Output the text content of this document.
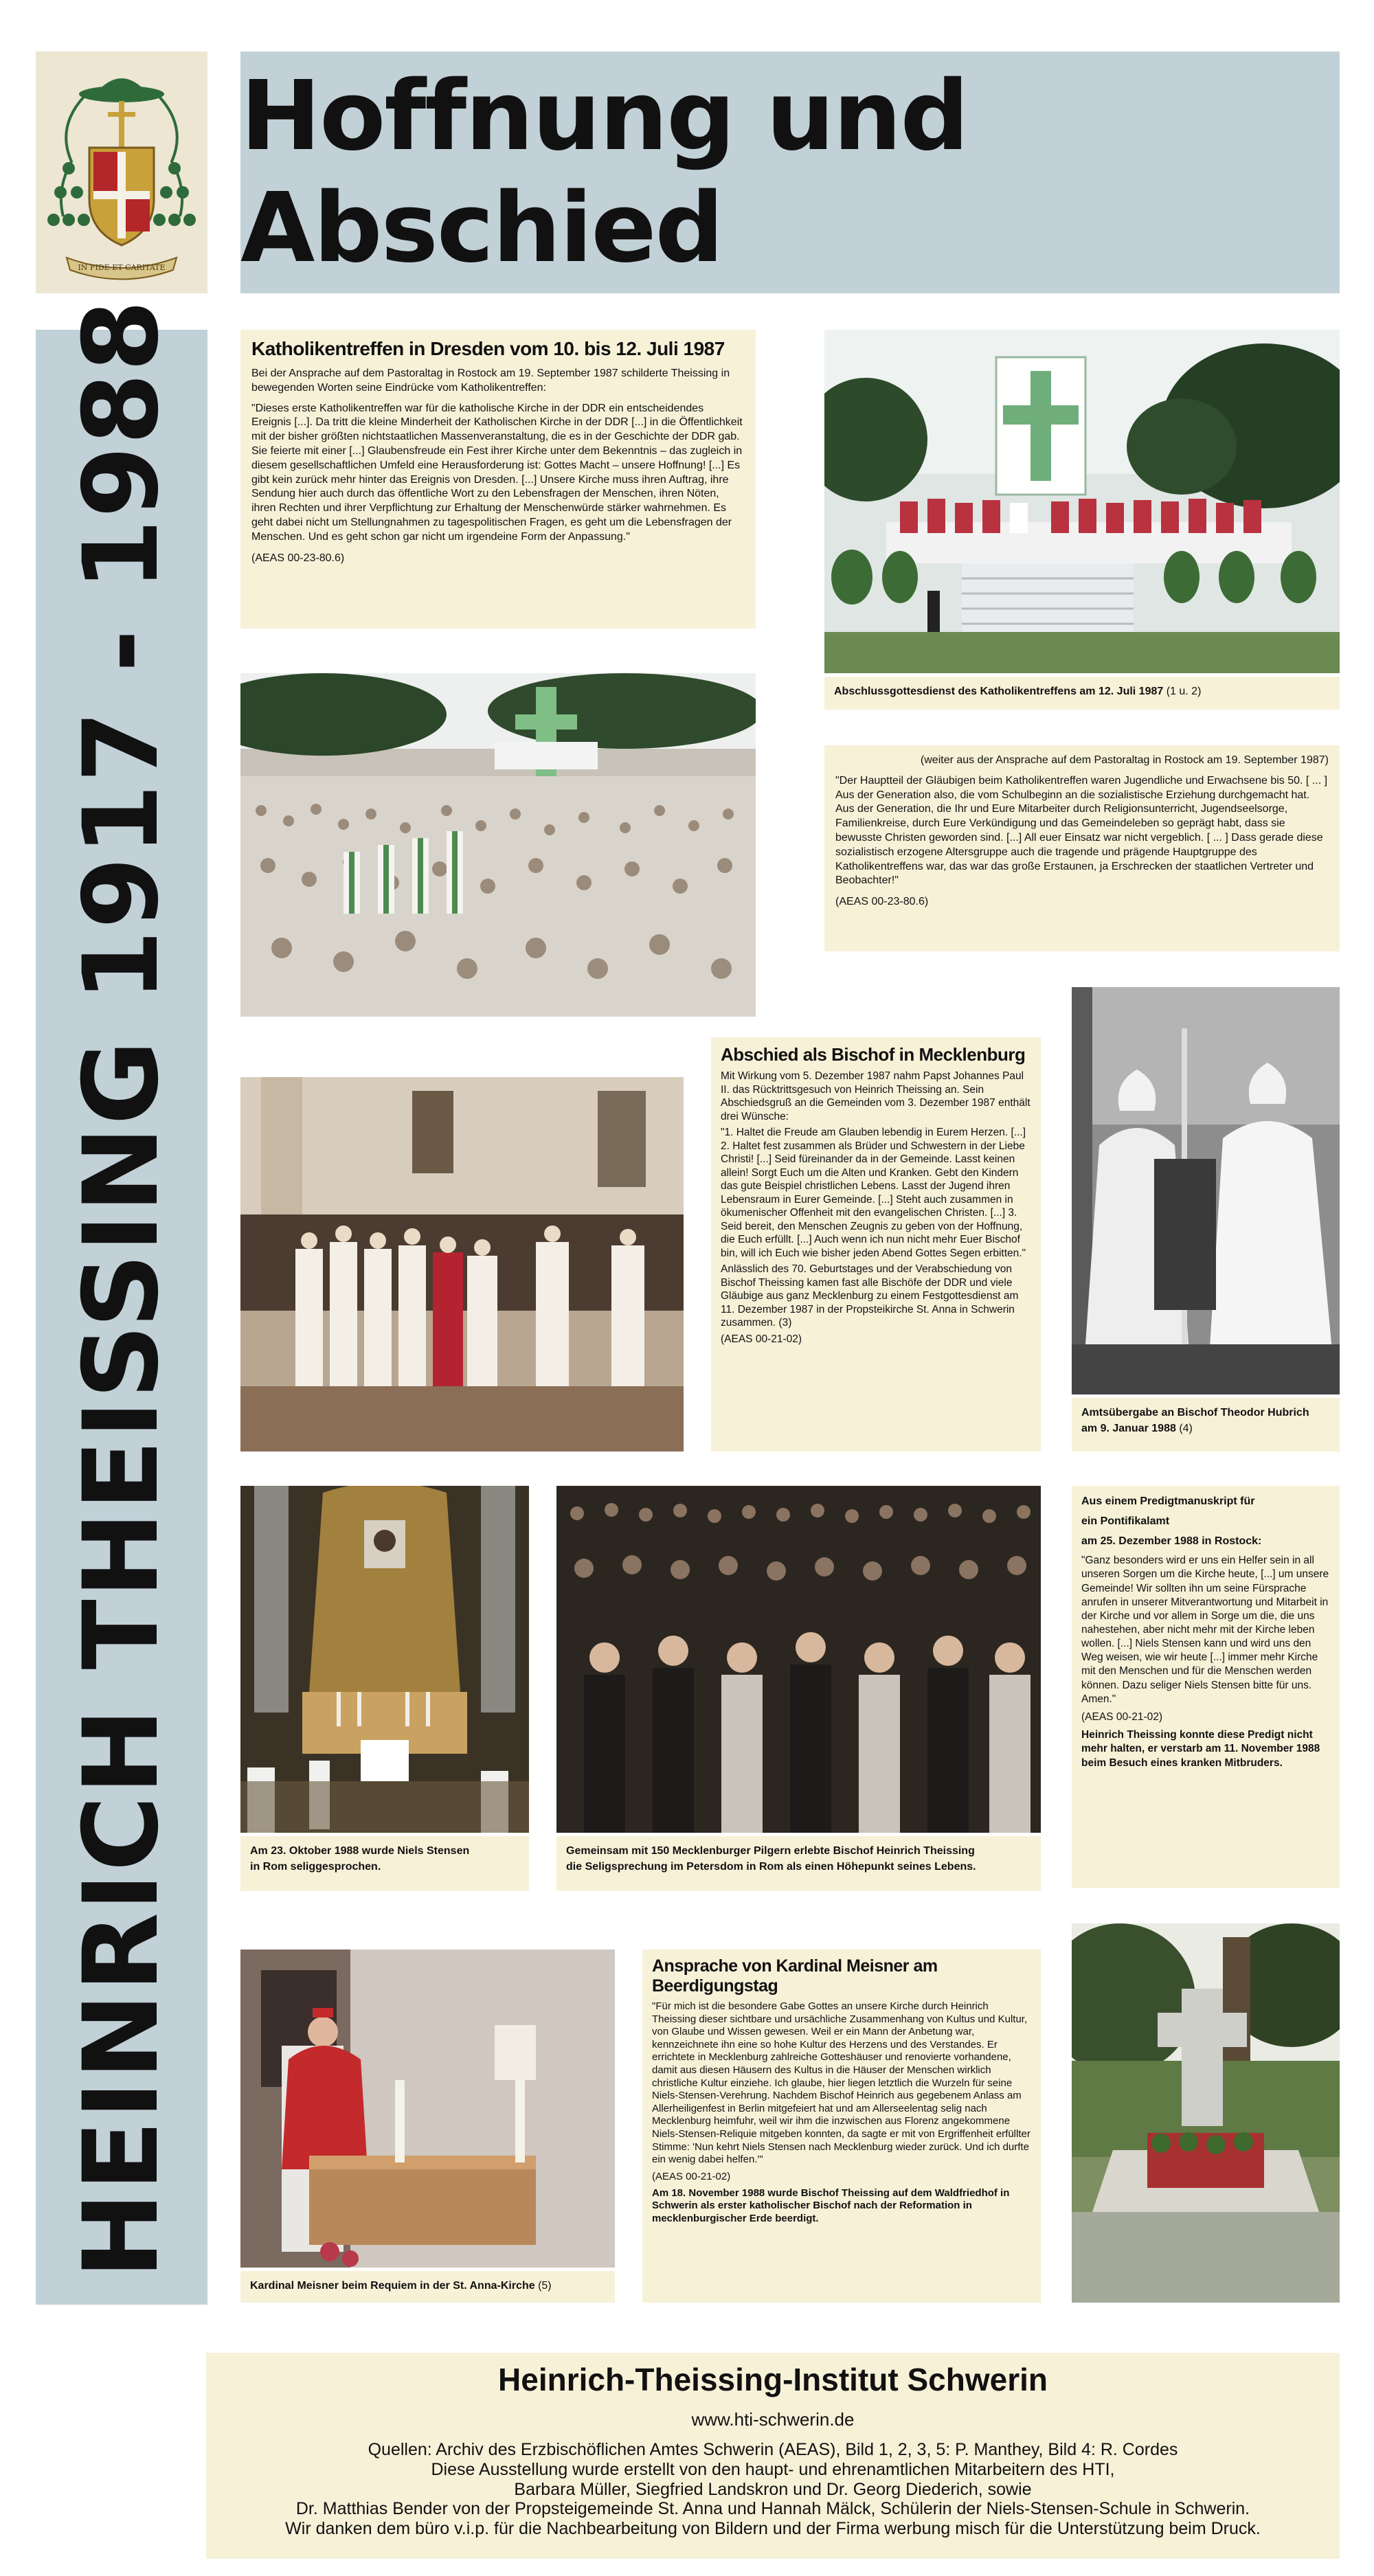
IN FIDE ET CARITATE
Hoffnung und Abschied
HEINRICH THEISSING 1917 - 1988	Katholikentreffen in Dresden vom 10. bis 12. Juli 1987

Bei der Ansprache auf dem Pastoraltag in Rostock am 19. September 1987 schilderte Theissing in bewegenden Worten seine Eindrücke vom Katholikentreffen:

"Dieses erste Katholikentreffen war für die katholische Kirche in der DDR ein entscheidendes Ereignis [...]. Da tritt die kleine Minderheit der Katholischen Kirche in der DDR [...] in die Öffentlichkeit mit der bisher größten nichtstaatlichen Massenveranstaltung, die es in der Geschichte der DDR gab. Sie feierte mit einer [...] Glaubensfreude ein Fest ihrer Kirche unter dem Bekenntnis – das zugleich in diesem gesellschaftlichen Umfeld eine Herausforderung ist: Gottes Macht – unsere Hoffnung! [...] Es gibt kein zurück mehr hinter das Ereignis von Dresden. [...] Unsere Kirche muss ihren Auftrag, ihre Sendung hier auch durch das öffentliche Wort zu den Lebensfragen der Menschen, ihren Nöten, ihren Rechten und ihrer Verpflichtung zur Erhaltung der Menschenwürde stärker wahrnehmen. Es geht dabei nicht um Stellungnahmen zu tagespolitischen Fragen, es geht um die Lebensfragen der Menschen. Und es geht schon gar nicht um irgendeine Form der Anpassung."

(AEAS 00-23-80.6)

Abschlussgottesdienst des Katholikentreffens am 12. Juli 1987 (1 u. 2)

(weiter aus der Ansprache auf dem Pastoraltag in Rostock am 19. September 1987)

"Der Hauptteil der Gläubigen beim Katholikentreffen waren Jugendliche und Erwachsene bis 50. [ ... ] Aus der Generation also, die vom Schulbeginn an die sozialistische Erziehung durchgemacht hat. Aus der Generation, die Ihr und Eure Mitarbeiter durch Religionsunterricht, Jugendseelsorge, Familienkreise, durch Eure Verkündigung und das Gemeindeleben so geprägt habt, dass sie bewusste Christen geworden sind. [...] All euer Einsatz war nicht vergeblich. [ ... ] Dass gerade diese sozialistisch erzogene Altersgruppe auch die tragende und prägende Hauptgruppe des Katholikentreffens war, das war das große Erstaunen, ja Erschrecken der staatlichen Vertreter und Beobachter!"

(AEAS 00-23-80.6)

Abschied als Bischof in Mecklenburg

Mit Wirkung vom 5. Dezember 1987 nahm Papst Johannes Paul II. das Rücktrittsgesuch von Heinrich Theissing an. Sein Abschiedsgruß an die Gemeinden vom 3. Dezember 1987 enthält drei Wünsche:

"1. Haltet die Freude am Glauben lebendig in Eurem Herzen. [...] 2. Haltet fest zusammen als Brüder und Schwestern in der Liebe Christi! [...] Seid füreinander da in der Gemeinde. Lasst keinen allein! Sorgt Euch um die Alten und Kranken. Gebt den Kindern das gute Beispiel christlichen Lebens. Lasst der Jugend ihren Lebensraum in Eurer Gemeinde. [...] Steht auch zusammen in ökumenischer Offenheit mit den evangelischen Christen. [...] 3. Seid bereit, den Menschen Zeugnis zu geben von der Hoffnung, die Euch erfüllt. [...] Auch wenn ich nun nicht mehr Euer Bischof bin, will ich Euch wie bisher jeden Abend Gottes Segen erbitten."

Anlässlich des 70. Geburtstages und der Verabschiedung von Bischof Theissing kamen fast alle Bischöfe der DDR und viele Gläubige aus ganz Mecklenburg zu einem Festgottesdienst am 11. Dezember 1987 in der Propsteikirche St. Anna in Schwerin zusammen. (3)

(AEAS 00-21-02)

Amtsübergabe an Bischof Theodor Hubrich
am 9. Januar 1988 (4)
Am 23. Oktober 1988 wurde Niels Stensen
in Rom seliggesprochen.
Gemeinsam mit 150 Mecklenburger Pilgern erlebte Bischof Heinrich Theissing
die Seligsprechung im Petersdom in Rom als einen Höhepunkt seines Lebens.

Aus einem Predigtmanuskript für

ein Pontifikalamt

am 25. Dezember 1988 in Rostock:

"Ganz besonders wird er uns ein Helfer sein in all unseren Sorgen um die Kirche heute, [...] um unsere Gemeinde! Wir sollten ihn um seine Fürsprache anrufen in unserer Mitverantwortung und Mitarbeit in der Kirche und vor allem in Sorge um die, die uns nahestehen, aber nicht mehr mit der Kirche leben wollen. [...] Niels Stensen kann und wird uns den Weg weisen, wie wir heute [...] immer mehr Kirche mit den Menschen und für die Menschen werden können. Dazu seliger Niels Stensen bitte für uns. Amen."

(AEAS 00-21-02)

Heinrich Theissing konnte diese Predigt nicht mehr halten, er verstarb am 11. November 1988 beim Besuch eines kranken Mitbruders.

Kardinal Meisner beim Requiem in der St. Anna-Kirche (5)
Ansprache von Kardinal Meisner am Beerdigungstag

"Für mich ist die besondere Gabe Gottes an unsere Kirche durch Heinrich Theissing dieser sichtbare und ursächliche Zusammenhang von Kultus und Kultur, von Glaube und Wissen gewesen. Weil er ein Mann der Anbetung war, kennzeichnete ihn eine so hohe Kultur des Herzens und des Verstandes. Er errichtete in Mecklenburg zahlreiche Gotteshäuser und renovierte vorhandene, damit aus diesen Häusern des Kultus in die Häuser der Menschen wirklich christliche Kultur einziehe. Ich glaube, hier liegen letztlich die Wurzeln für seine Niels-Stensen-Verehrung. Nachdem Bischof Heinrich aus gegebenem Anlass am Allerheiligenfest in Berlin mitgefeiert hat und am Allerseelentag selig nach Mecklenburg heimfuhr, weil wir ihm die inzwischen aus Florenz angekommene Niels-Stensen-Reliquie mitgeben konnten, da sagte er mit von Ergriffenheit erfüllter Stimme: 'Nun kehrt Niels Stensen nach Mecklenburg wieder zurück. Und ich durfte ein wenig dabei helfen.'"

(AEAS 00-21-02)

Am 18. November 1988 wurde Bischof Theissing auf dem Waldfriedhof in Schwerin als erster katholischer Bischof nach der Reformation in mecklenburgischer Erde beerdigt.

Heinrich-Theissing-Institut Schwerin
www.hti-schwerin.de
Quellen: Archiv des Erzbischöflichen Amtes Schwerin (AEAS), Bild 1, 2, 3, 5: P. Manthey, Bild 4: R. Cordes
Diese Ausstellung wurde erstellt von den haupt- und ehrenamtlichen Mitarbeitern des HTI,
Barbara Müller, Siegfried Landskron und Dr. Georg Diederich, sowie
Dr. Matthias Bender von der Propsteigemeinde St. Anna und Hannah Mälck, Schülerin der Niels-Stensen-Schule in Schwerin.
Wir danken dem büro v.i.p. für die Nachbearbeitung von Bildern und der Firma werbung misch für die Unterstützung beim Druck.
